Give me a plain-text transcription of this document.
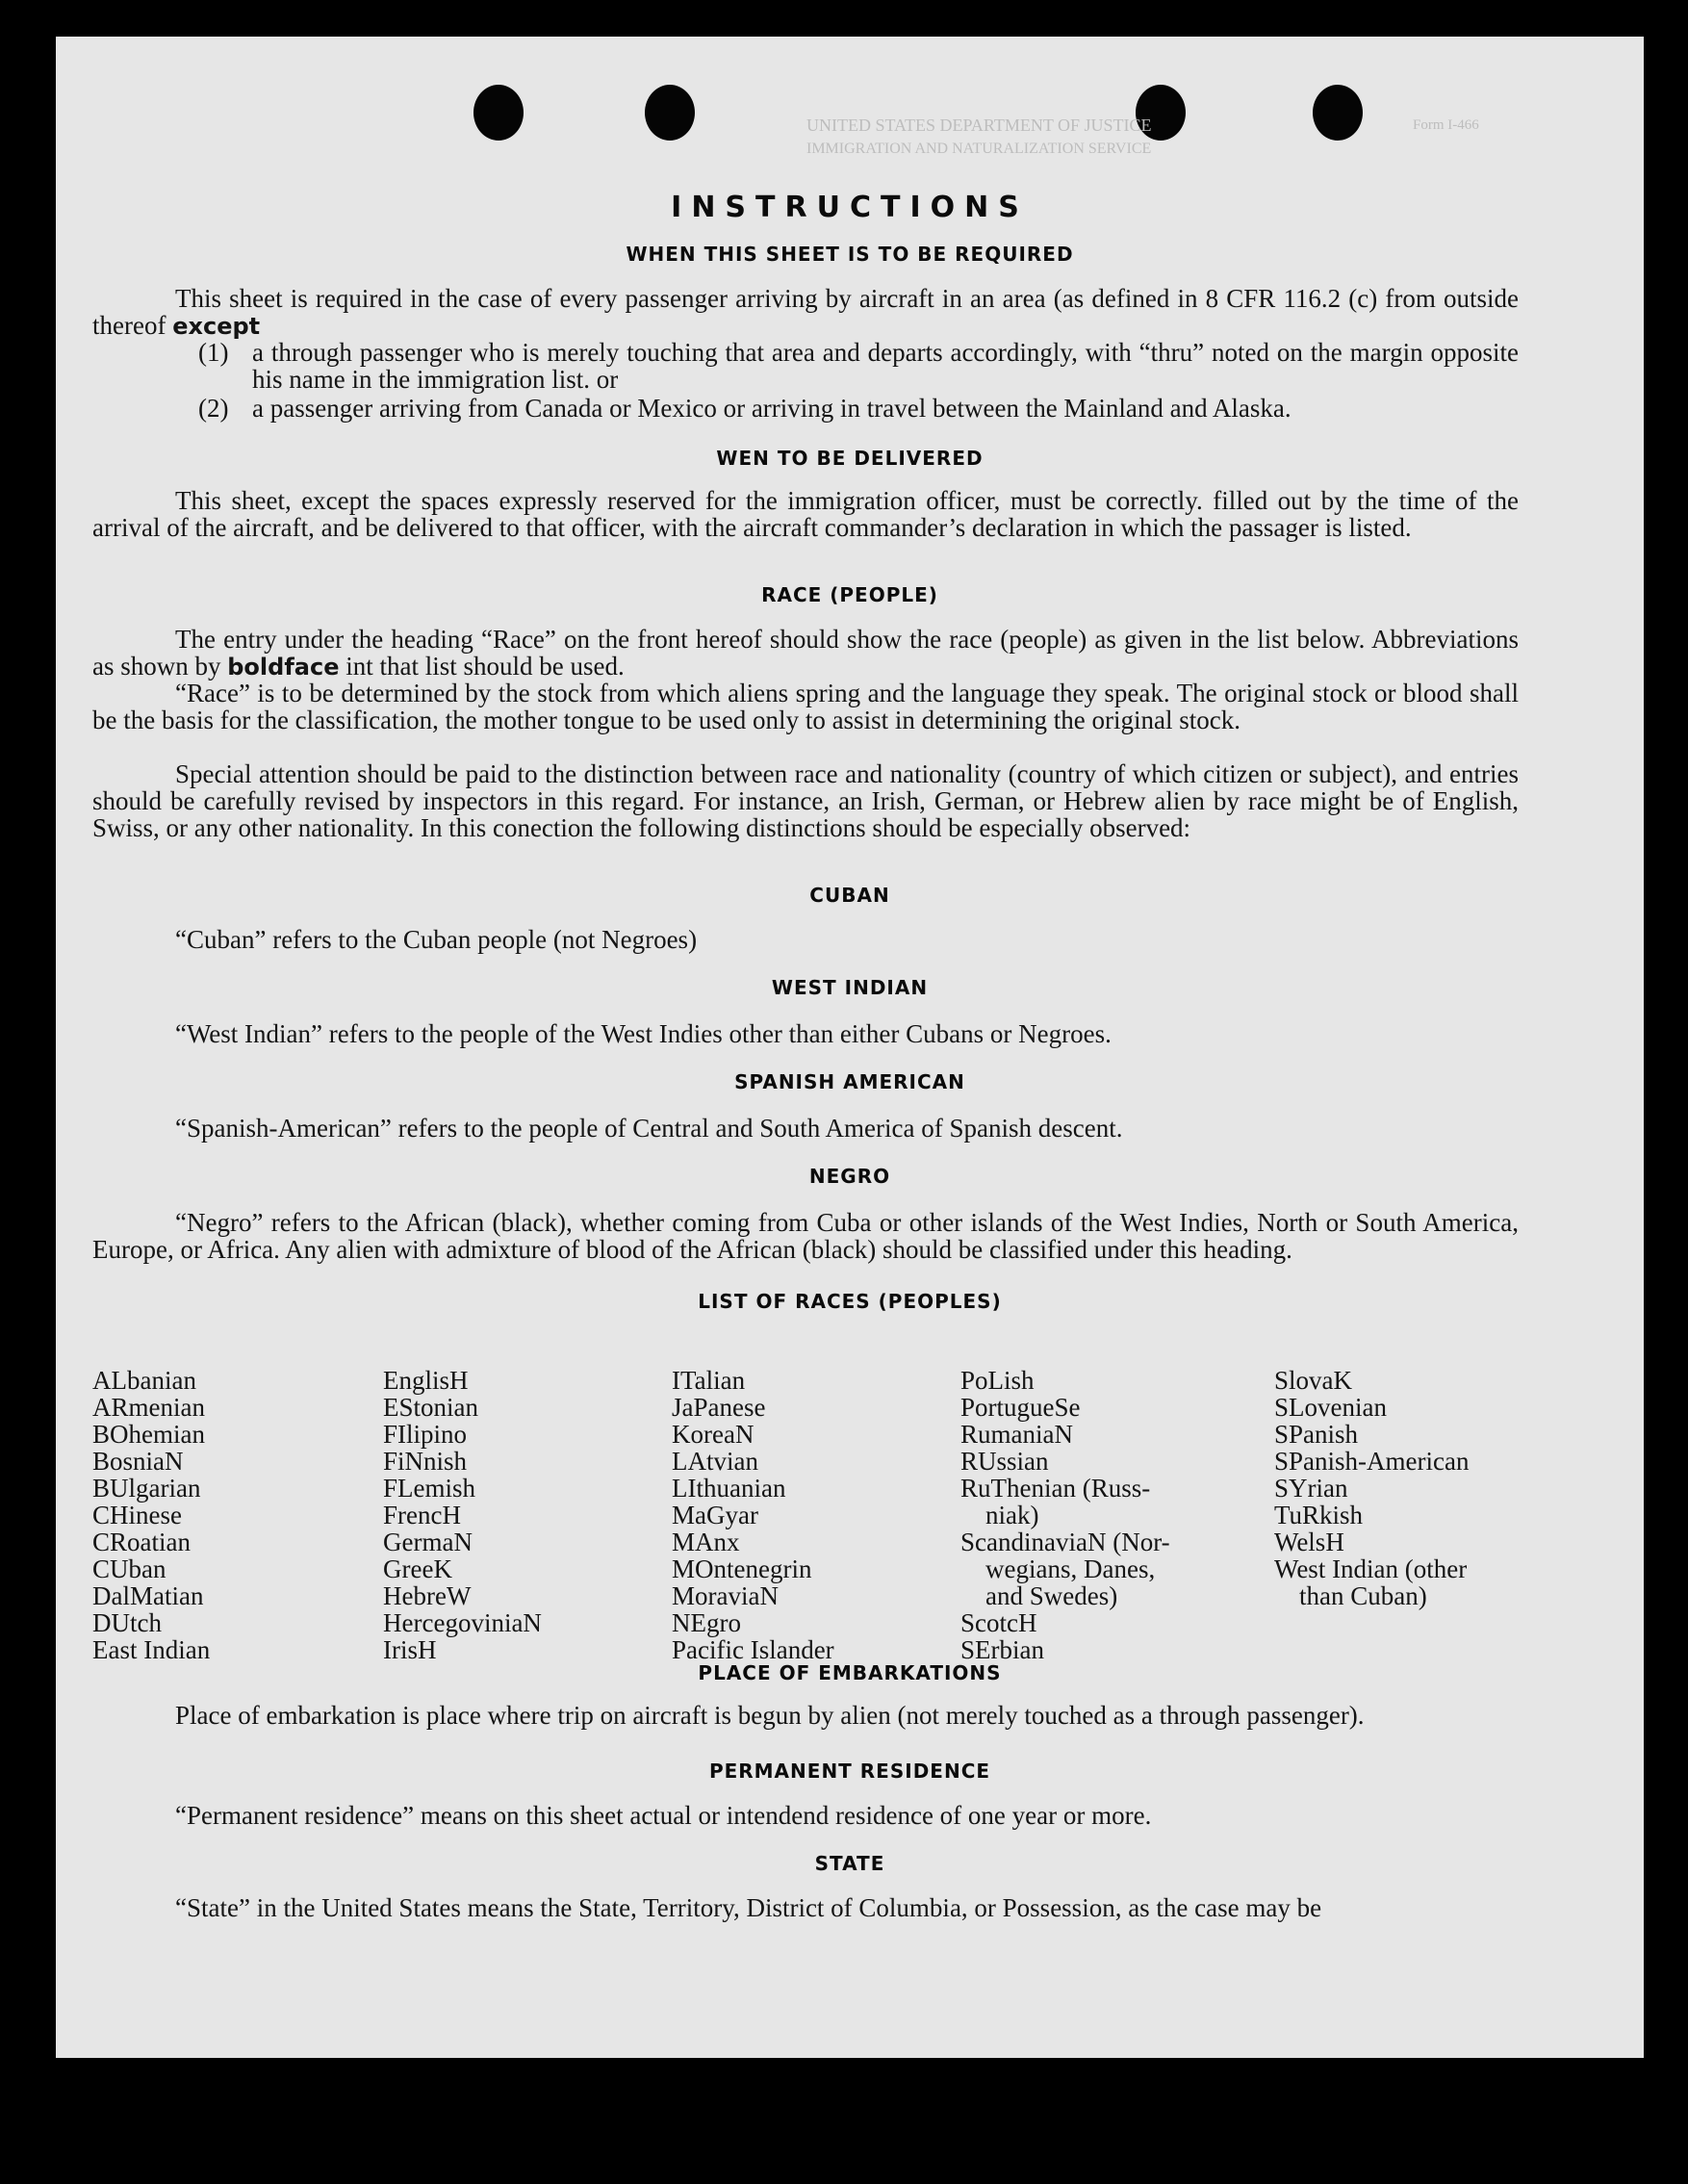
UNITED STATES DEPARTMENT OF JUSTICE
IMMIGRATION AND NATURALIZATION SERVICE
Form I-466
INSTRUCTIONS
WHEN THIS SHEET IS TO BE REQUIRED
This sheet is required in the case of every passenger arriving by aircraft in an area (as defined in 8 CFR 116.2 (c) from outside thereof except
(1) a through passenger who is merely touching that area and departs accordingly, with “thru” noted on the margin opposite his name in the immigration list. or
(2) a passenger arriving from Canada or Mexico or arriving in travel between the Mainland and Alaska.
WEN TO BE DELIVERED
This sheet, except the spaces expressly reserved for the immigration officer, must be correctly. filled out by the time of the arrival of the aircraft, and be delivered to that officer, with the aircraft commander’s declaration in which the passager is listed.
RACE (PEOPLE)
The entry under the heading “Race” on the front hereof should show the race (people) as given in the list below. Abbreviations as shown by boldface int that list should be used.
“Race” is to be determined by the stock from which aliens spring and the language they speak. The original stock or blood shall be the basis for the classification, the mother tongue to be used only to assist in determining the original stock.
Special attention should be paid to the distinction between race and nationality (country of which citizen or subject), and entries should be carefully revised by inspectors in this regard. For instance, an Irish, German, or Hebrew alien by race might be of English, Swiss, or any other nationality. In this conection the following distinctions should be especially observed:
CUBAN
“Cuban” refers to the Cuban people (not Negroes)
WEST INDIAN
“West Indian” refers to the people of the West Indies other than either Cubans or Negroes.
SPANISH AMERICAN
“Spanish-American” refers to the people of Central and South America of Spanish descent.
NEGRO
“Negro” refers to the African (black), whether coming from Cuba or other islands of the West Indies, North or South America, Europe, or Africa. Any alien with admixture of blood of the African (black) should be classified under this heading.
LIST OF RACES (PEOPLES)
ALbanian
ARmenian
BOhemian
BosniaN
BUlgarian
CHinese
CRoatian
CUban
DalMatian
DUtch
East Indian
EnglisH
EStonian
FIlipino
FiNnish
FLemish
FrencH
GermaN
GreeK
HebreW
HercegoviniaN
IrisH
ITalian
JaPanese
KoreaN
LAtvian
LIthuanian
MaGyar
MAnx
MOntenegrin
MoraviaN
NEgro
Pacific Islander
PoLish
PortugueSe
RumaniaN
RUssian
RuThenian (Russ-
niak)
ScandinaviaN (Nor-
wegians, Danes,
and Swedes)
ScotcH
SErbian
SlovaK
SLovenian
SPanish
SPanish-American
SYrian
TuRkish
WelsH
West Indian (other
than Cuban)
PLACE OF EMBARKATIONS
Place of embarkation is place where trip on aircraft is begun by alien (not merely touched as a through passenger).
PERMANENT RESIDENCE
“Permanent residence” means on this sheet actual or intendend residence of one year or more.
STATE
“State” in the United States means the State, Territory, District of Columbia, or Possession, as the case may be
